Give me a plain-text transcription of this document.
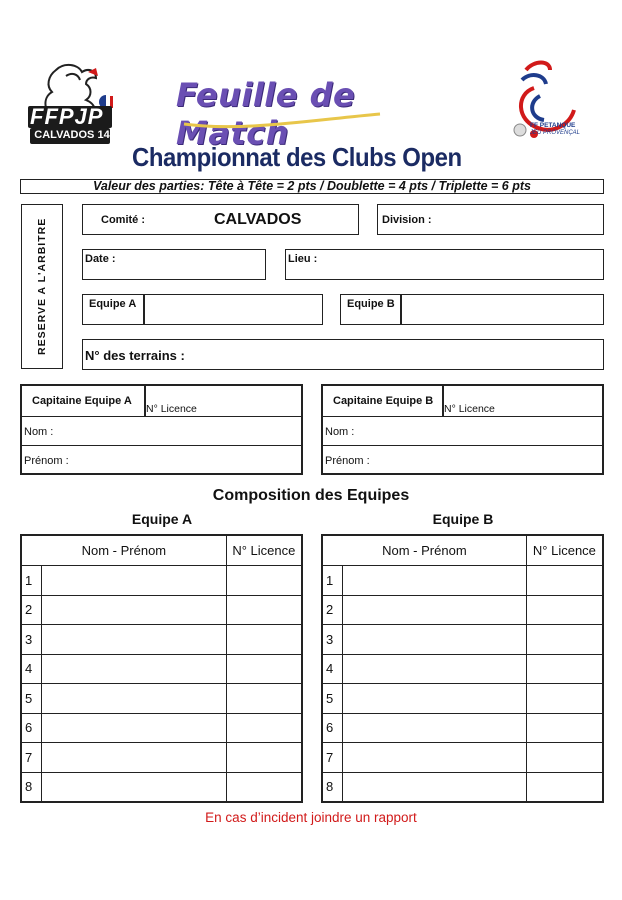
FFPJP
CALVADOS 14
Feuille de Match
Championnat des Clubs Open
FF PETANQUE
JEU PROVENÇAL
Valeur des parties: Tête à Tête = 2 pts / Doublette = 4 pts / Triplette = 6 pts
RESERVE A L'ARBITRE	Comité :	CALVADOS	Division :
Date :	Lieu :
Equipe A	Equipe B
N° des terrains :
Capitaine Equipe A
N° Licence
Nom :
Prénom :
Capitaine Equipe B
N° Licence
Nom :
Prénom :
Composition des Equipes
Equipe A	Equipe B
Nom - Prénom		N° Licence
1		
2		
3		
4		
5		
6		
7		
8		
Nom - Prénom		N° Licence
1		
2		
3		
4		
5		
6		
7		
8		
En cas d’incident joindre un rapport
